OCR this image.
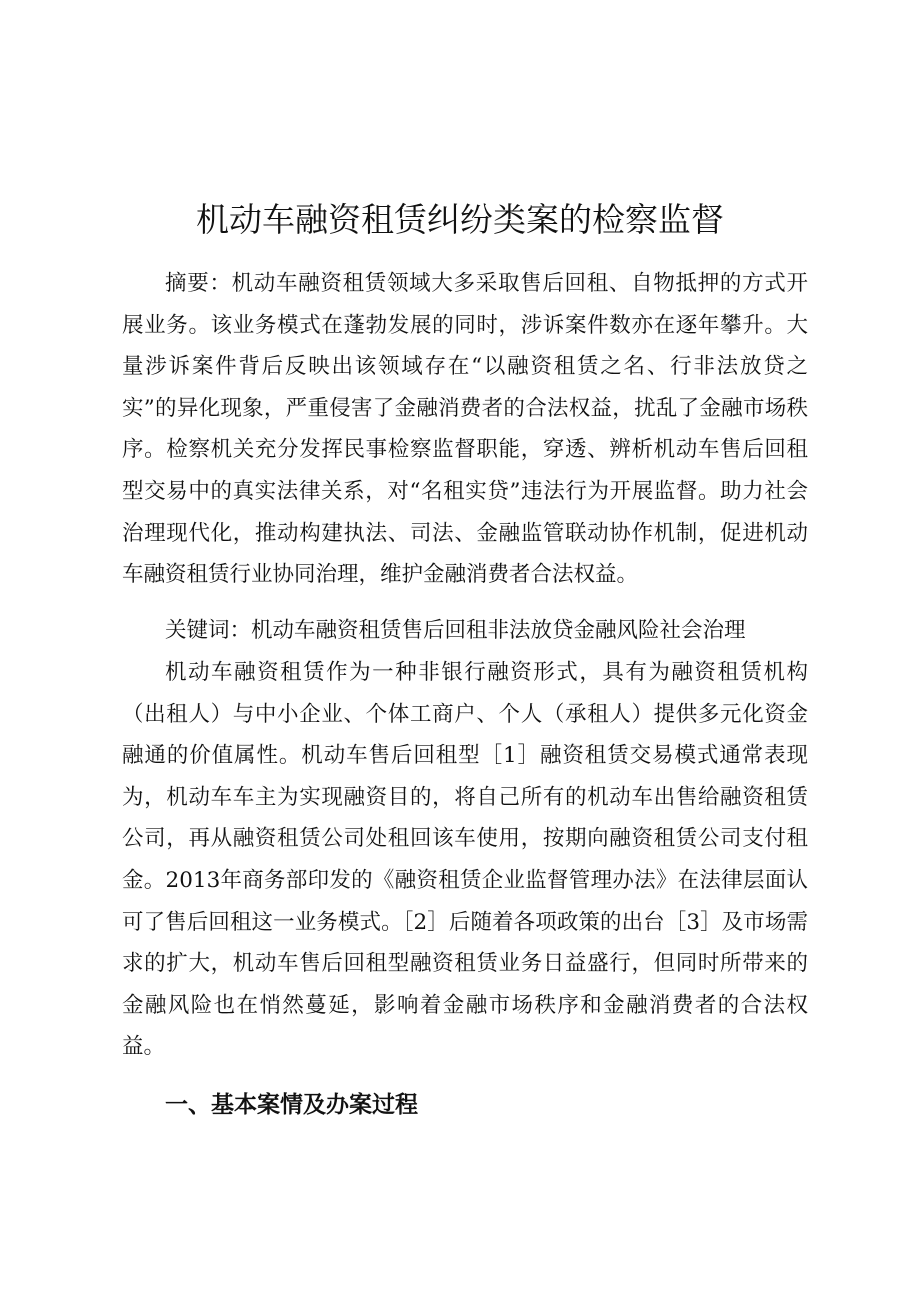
机动车融资租赁纠纷类案的检察监督

摘要：机动车融资租赁领域大多采取售后回租、自物抵押的方式开展业务。该业务模式在蓬勃发展的同时，涉诉案件数亦在逐年攀升。大量涉诉案件背后反映出该领域存在“以融资租赁之名、行非法放贷之实”的异化现象，严重侵害了金融消费者的合法权益，扰乱了金融市场秩序。检察机关充分发挥民事检察监督职能，穿透、辨析机动车售后回租型交易中的真实法律关系，对“名租实贷”违法行为开展监督。助力社会治理现代化，推动构建执法、司法、金融监管联动协作机制，促进机动车融资租赁行业协同治理，维护金融消费者合法权益。

关键词：机动车融资租赁售后回租非法放贷金融风险社会治理

机动车融资租赁作为一种非银行融资形式，具有为融资租赁机构（出租人）与中小企业、个体工商户、个人（承租人）提供多元化资金融通的价值属性。机动车售后回租型［1］融资租赁交易模式通常表现为，机动车车主为实现融资目的，将自己所有的机动车出售给融资租赁公司，再从融资租赁公司处租回该车使用，按期向融资租赁公司支付租金。2013年商务部印发的《融资租赁企业监督管理办法》在法律层面认可了售后回租这一业务模式。［2］后随着各项政策的出台［3］及市场需求的扩大，机动车售后回租型融资租赁业务日益盛行，但同时所带来的金融风险也在悄然蔓延，影响着金融市场秩序和金融消费者的合法权益。

一、基本案情及办案过程
